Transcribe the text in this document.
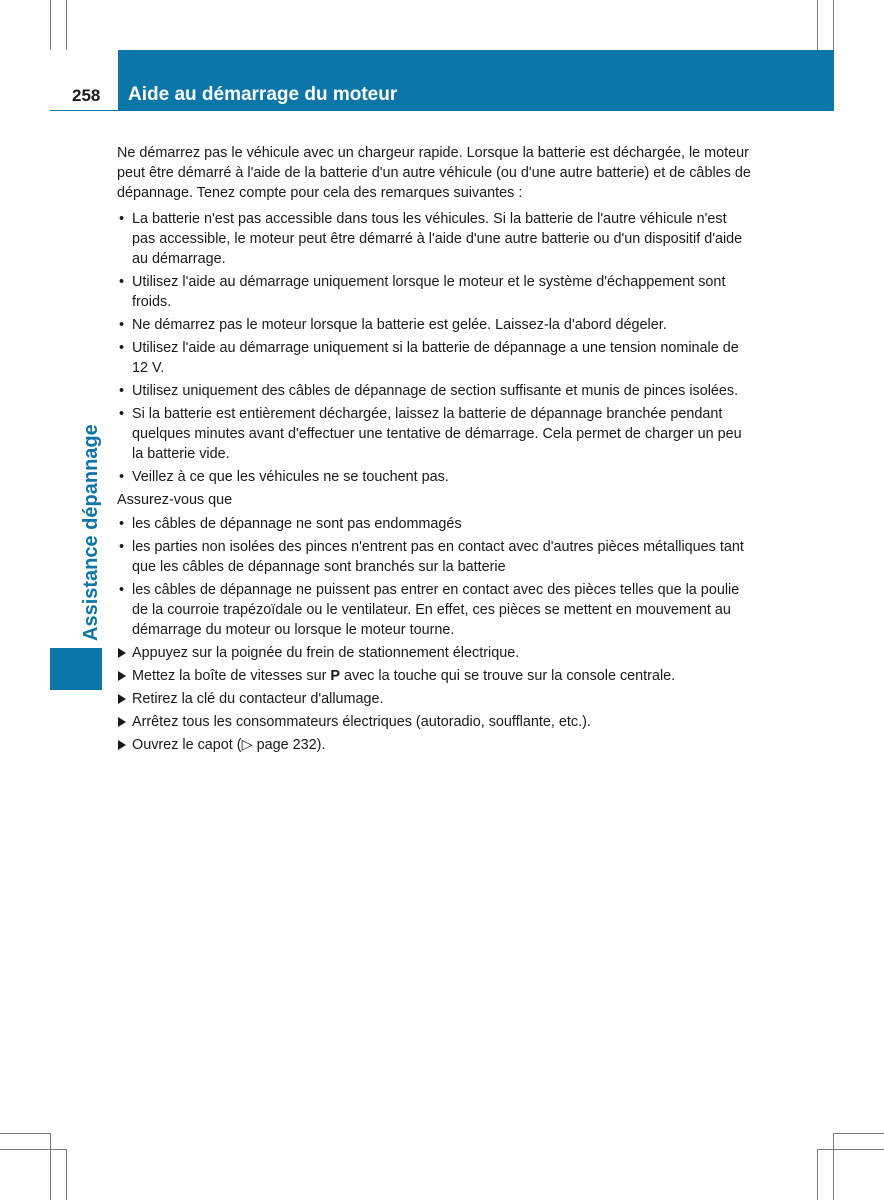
258 Aide au démarrage du moteur
Assistance dépannage

Ne démarrez pas le véhicule avec un chargeur rapide. Lorsque la batterie est déchargée, le moteur peut être démarré à l'aide de la batterie d'un autre véhicule (ou d'une autre batterie) et de câbles de dépannage. Tenez compte pour cela des remarques suivantes :

• La batterie n'est pas accessible dans tous les véhicules. Si la batterie de l'autre véhicule n'est pas accessible, le moteur peut être démarré à l'aide d'une autre batterie ou d'un dispositif d'aide au démarrage.
• Utilisez l'aide au démarrage uniquement lorsque le moteur et le système d'échappement sont froids.
• Ne démarrez pas le moteur lorsque la batterie est gelée. Laissez-la d'abord dégeler.
• Utilisez l'aide au démarrage uniquement si la batterie de dépannage a une tension nominale de 12 V.
• Utilisez uniquement des câbles de dépannage de section suffisante et munis de pinces isolées.
• Si la batterie est entièrement déchargée, laissez la batterie de dépannage branchée pendant quelques minutes avant d'effectuer une tentative de démarrage. Cela permet de charger un peu la batterie vide.
• Veillez à ce que les véhicules ne se touchent pas.

Assurez-vous que

• les câbles de dépannage ne sont pas endommagés
• les parties non isolées des pinces n'entrent pas en contact avec d'autres pièces métalliques tant que les câbles de dépannage sont branchés sur la batterie
• les câbles de dépannage ne puissent pas entrer en contact avec des pièces telles que la poulie de la courroie trapézoïdale ou le ventilateur. En effet, ces pièces se mettent en mouvement au démarrage du moteur ou lorsque le moteur tourne.
Appuyez sur la poignée du frein de stationnement électrique.
Mettez la boîte de vitesses sur P avec la touche qui se trouve sur la console centrale.
Retirez la clé du contacteur d'allumage.
Arrêtez tous les consommateurs électriques (autoradio, soufflante, etc.).
Ouvrez le capot (▷ page 232).
